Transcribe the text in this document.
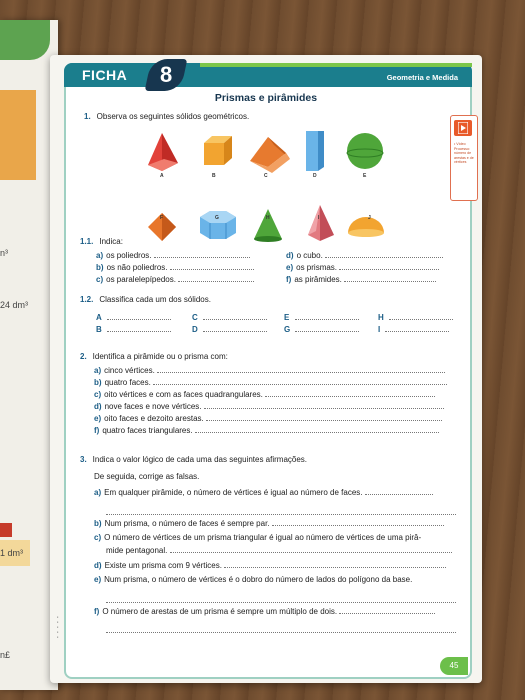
n³
24 dm³
1 dm³
n£
FICHA	8	Geometria e Medida
Prismas e pirâmides
• Vídeo
Processo:
número de
arestas e de
vértices
1. Observa os seguintes sólidos geométricos.
A	B	C	D	E
F	G	H	I	J
1.1. Indica:
a) os poliedros.
b) os não poliedros.
c) os paralelepípedos.
d) o cubo.
e) os prismas.
f) as pirâmides.
1.2. Classifica cada um dos sólidos.
A	C	E	H
B	D	G	I
2. Identifica a pirâmide ou o prisma com:
a) cinco vértices.
b) quatro faces.
c) oito vértices e com as faces quadrangulares.
d) nove faces e nove vértices.
e) oito faces e dezoito arestas.
f) quatro faces triangulares.
3. Indica o valor lógico de cada uma das seguintes afirmações.
De seguida, corrige as falsas.
a) Em qualquer pirâmide, o número de vértices é igual ao número de faces.
b) Num prisma, o número de faces é sempre par.
c) O número de vértices de um prisma triangular é igual ao número de vértices de uma pirâ-
mide pentagonal.
d) Existe um prisma com 9 vértices.
e) Num prisma, o número de vértices é o dobro do número de lados do polígono da base.
f) O número de arestas de um prisma é sempre um múltiplo de dois.
▪▪▪▪▪
45
